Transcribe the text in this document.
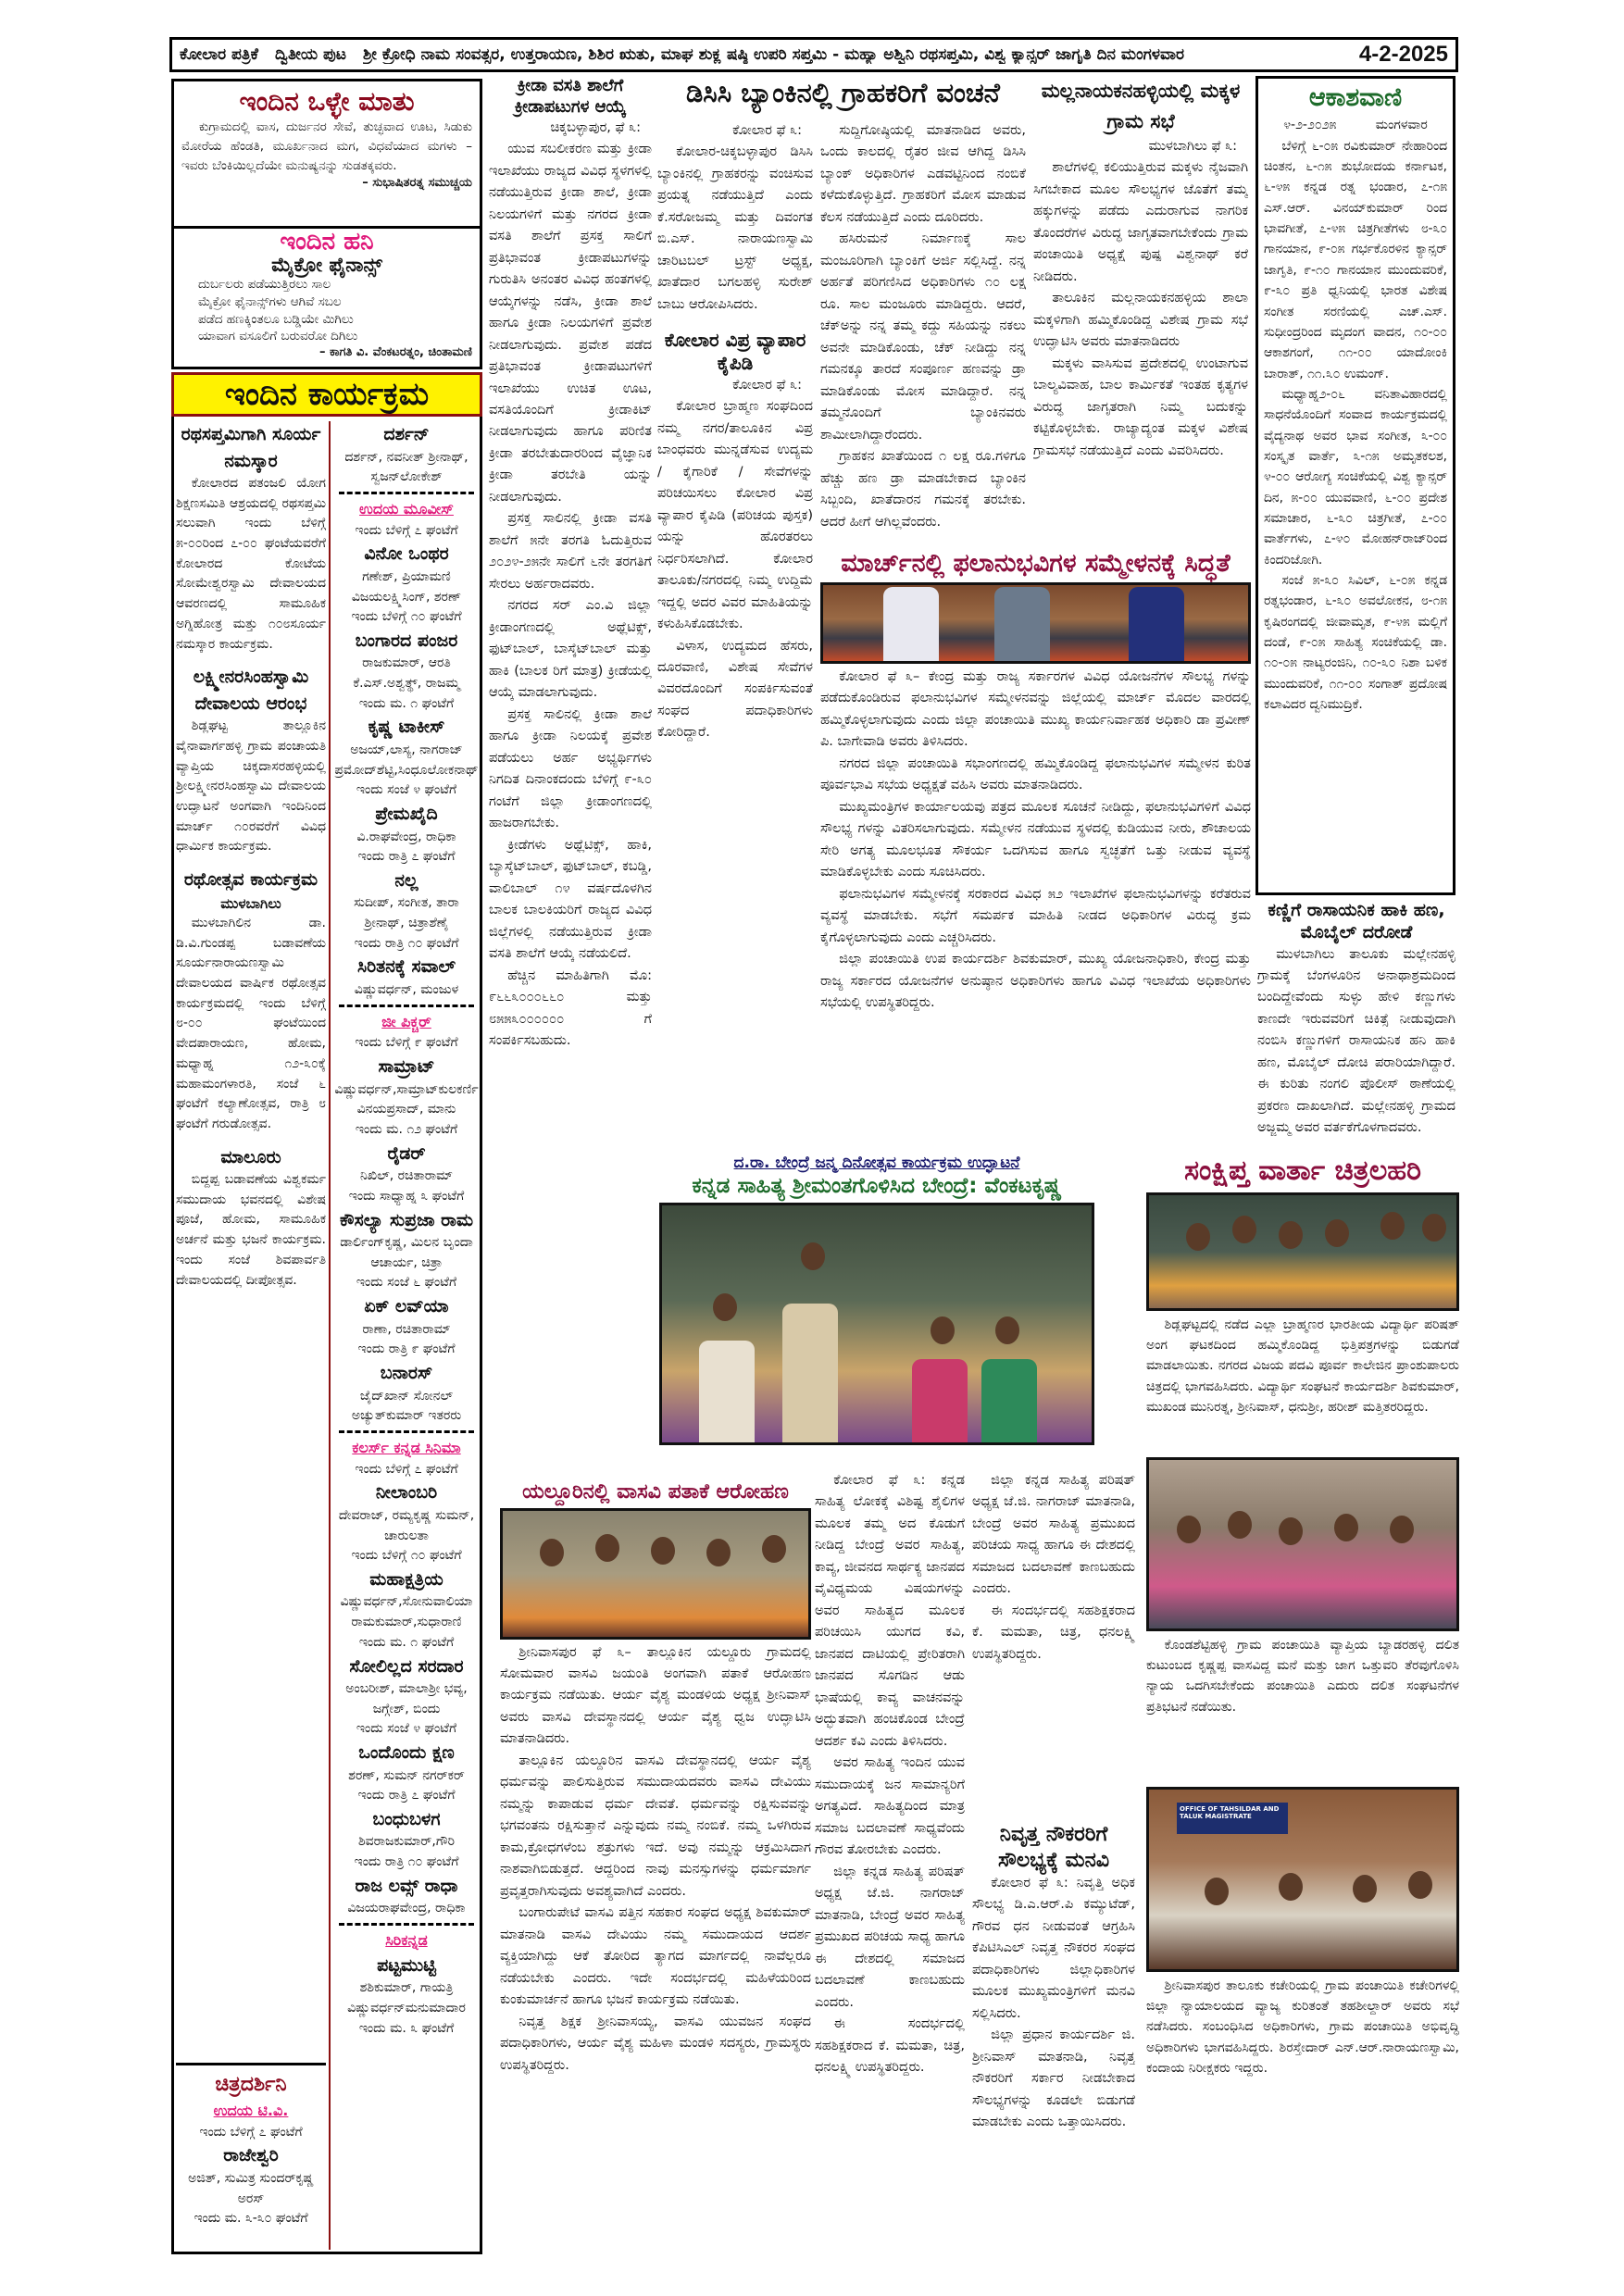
ಕೋಲಾರ ಪತ್ರಿಕೆ ದ್ವಿತೀಯ ಪುಟ ಶ್ರೀ ಕ್ರೋಧಿ ನಾಮ ಸಂವತ್ಸರ, ಉತ್ತರಾಯಣ, ಶಿಶಿರ ಋತು, ಮಾಘ ಶುಕ್ಲ ಷಷ್ಠಿ ಉಪರಿ ಸಪ್ತಮಿ - ಮಹ್ಯಾ ಅಶ್ವಿನಿ ರಥಸಪ್ತಮಿ, ವಿಶ್ವ ಕ್ಯಾನ್ಸರ್ ಜಾಗೃತಿ ದಿನ ಮಂಗಳವಾರ	4-2-2025
ಇಂದಿನ ಒಳ್ಳೇ ಮಾತು
ಕುಗ್ರಾಮದಲ್ಲಿ ವಾಸ, ದುರ್ಜನರ ಸೇವೆ, ತುಚ್ಛವಾದ ಊಟ, ಸಿಡುಕು ಮೋರೆಯ ಹೆಂಡತಿ, ಮೂರ್ಖನಾದ ಮಗ, ವಿಧವೆಯಾದ ಮಗಳು – ಇವರು ಬೆಂಕಿಯಿಲ್ಲದೆಯೇ ಮನುಷ್ಯನನ್ನು ಸುಡತಕ್ಕವರು.
– ಸುಭಾಷಿತರತ್ನ ಸಮುಚ್ಚಯ
ಇಂದಿನ ಹನಿ
ಮೈಕ್ರೋ ಫೈನಾನ್ಸ್
ದುರ್ಬಲರು ಪಡೆಯುತ್ತಿರಲು ಸಾಲ
ಮೈಕ್ರೋ ಫೈನಾನ್ಸ್‌ಗಳು ಆಗಿವೆ ಸಬಲ
ಪಡೆದ ಹಣಕ್ಕಿಂತಲೂ ಬಡ್ಡಿಯೇ ಮಿಗಿಲು
ಯಾವಾಗ ವಸೂಲಿಗೆ ಬರುವರೋ ದಿಗಿಲು
– ಕಾಗತಿ ವಿ. ವೆಂಕಟರತ್ನಂ, ಚಿಂತಾಮಣಿ
ಇಂದಿನ ಕಾರ್ಯಕ್ರಮ
ರಥಸಪ್ತಮಿಗಾಗಿ ಸೂರ್ಯ ನಮಸ್ಕಾರ
ಕೋಲಾರದ ಪತಂಜಲಿ ಯೋಗ ಶಿಕ್ಷಣಸಮಿತಿ ಆಶ್ರಯದಲ್ಲಿ ರಥಸಪ್ತಮಿ ಸಲುವಾಗಿ ಇಂದು ಬೆಳಿಗ್ಗೆ ೫-೦೦ರಿಂದ ೭-೦೦ ಘಂಟೆಯವರೆಗೆ ಕೋಲಾರದ ಕೋಟೆಯ ಸೋಮೇಶ್ವರಸ್ವಾಮಿ ದೇವಾಲಯದ ಆವರಣದಲ್ಲಿ ಸಾಮೂಹಿಕ ಅಗ್ನಿಹೋತ್ರ ಮತ್ತು ೧೦೮ಸೂರ್ಯ ನಮಸ್ಕಾರ ಕಾರ್ಯಕ್ರಮ.
ಲಕ್ಷ್ಮೀನರಸಿಂಹಸ್ವಾಮಿ ದೇವಾಲಯ ಆರಂಭ
ಶಿಡ್ಲಘಟ್ಟ ತಾಲ್ಲೂಕಿನ ವೈನಾವಾರ್ಗಹಳ್ಳಿ ಗ್ರಾಮ ಪಂಚಾಯತಿ ವ್ಯಾಪ್ತಿಯ ಚಿಕ್ಕದಾಸರಹಳ್ಳಿಯಲ್ಲಿ ಶ್ರೀಲಕ್ಷ್ಮೀನರಸಿಂಹಸ್ವಾಮಿ ದೇವಾಲಯ ಉದ್ಘಾಟನೆ ಅಂಗವಾಗಿ ಇಂದಿನಿಂದ ಮಾರ್ಚ್ ೧೦ರವರೆಗೆ ವಿವಿಧ ಧಾರ್ಮಿಕ ಕಾರ್ಯಕ್ರಮ.
ರಥೋತ್ಸವ ಕಾರ್ಯಕ್ರಮ
ಮುಳಬಾಗಿಲು
ಮುಳಬಾಗಿಲಿನ ಡಾ. ಡಿ.ವಿ.ಗುಂಡಪ್ಪ ಬಡಾವಣೆಯ ಸೂರ್ಯನಾರಾಯಣಸ್ವಾಮಿ ದೇವಾಲಯದ ವಾರ್ಷಿಕ ರಥೋತ್ಸವ ಕಾರ್ಯಕ್ರಮದಲ್ಲಿ ಇಂದು ಬೆಳಿಗ್ಗೆ ೮-೦೦ ಘಂಟೆಯಿಂದ ವೇದಪಾರಾಯಣ, ಹೋಮ, ಮಧ್ಯಾಹ್ನ ೧೨-೩೦ಕ್ಕೆ ಮಹಾಮಂಗಳಾರತಿ, ಸಂಜೆ ೬ ಘಂಟೆಗೆ ಕಲ್ಯಾಣೋತ್ಸವ, ರಾತ್ರಿ ೮ ಘಂಟೆಗೆ ಗರುಡೋತ್ಸವ.
ಮಾಲೂರು
ಬಿದ್ದಪ್ಪ ಬಡಾವಣೆಯ ವಿಶ್ವಕರ್ಮ ಸಮುದಾಯ ಭವನದಲ್ಲಿ ವಿಶೇಷ ಪೂಜೆ, ಹೋಮ, ಸಾಮೂಹಿಕ ಅರ್ಚನೆ ಮತ್ತು ಭಜನೆ ಕಾರ್ಯಕ್ರಮ. ಇಂದು ಸಂಜೆ ಶಿವಪಾರ್ವತಿ ದೇವಾಲಯದಲ್ಲಿ ದೀಪೋತ್ಸವ.
ದರ್ಶನ್
ದರ್ಶನ್, ನವನೀತ್ ಶ್ರೀನಾಥ್, ಸ್ವಜನ್‌ಲೋಕೇಶ್
ಉದಯ ಮೂವೀಸ್
ಇಂದು ಬೆಳಿಗ್ಗೆ ೭ ಘಂಟೆಗೆ
ವಿನೋ ಒಂಥರ
ಗಣೇಶ್, ಪ್ರಿಯಾಮಣಿ ವಿಜಯಲಕ್ಷ್ಮಿಸಿಂಗ್, ಶರಣ್
ಇಂದು ಬೆಳಿಗ್ಗೆ ೧೦ ಘಂಟೆಗೆ
ಬಂಗಾರದ ಪಂಜರ
ರಾಜಕುಮಾರ್, ಆರತಿ ಕೆ.ಎಸ್.ಅಶ್ವತ್ಥ್, ರಾಜಮ್ಮ
ಇಂದು ಮ. ೧ ಘಂಟೆಗೆ
ಕೃಷ್ಣ ಟಾಕೀಸ್
ಅಜಯ್,ಲಾಸ್ಯ, ನಾಗರಾಜ್ ಪ್ರಮೋದ್‌ಶೆಟ್ಟಿ,ಸಿಂಧೂಲೋಕನಾಥ್
ಇಂದು ಸಂಜೆ ೪ ಘಂಟೆಗೆ
ಪ್ರೇಮಖೈದಿ
ವಿ.ರಾಘವೇಂದ್ರ, ರಾಧಿಕಾ
ಇಂದು ರಾತ್ರಿ ೭ ಘಂಟೆಗೆ
ನಲ್ಲ
ಸುದೀಪ್, ಸಂಗೀತ, ತಾರಾ ಶ್ರೀನಾಥ್, ಚಿತ್ರಾಶೆಣೈ
ಇಂದು ರಾತ್ರಿ ೧೦ ಘಂಟೆಗೆ
ಸಿರಿತನಕ್ಕೆ ಸವಾಲ್
ವಿಷ್ಣುವರ್ಧನ್, ಮಂಜುಳ
ಜೀ ಪಿಕ್ಚರ್
ಇಂದು ಬೆಳಿಗ್ಗೆ ೯ ಘಂಟೆಗೆ
ಸಾಮ್ರಾಟ್
ವಿಷ್ಣುವರ್ಧನ್,ಸಾಮ್ರಾಟ್‌ಕುಲಕರ್ಣಿ ವಿನಯಪ್ರಸಾದ್, ಮಾನು
ಇಂದು ಮ. ೧೨ ಘಂಟೆಗೆ
ರೈಡರ್
ನಿಖಿಲ್, ರಚಿತಾರಾಮ್
ಇಂದು ಸಾಧ್ಯಾಹ್ನ ೩ ಘಂಟೆಗೆ
ಕೌಸಲ್ಯಾ ಸುಪ್ರಜಾ ರಾಮ
ಡಾರ್ಲಿಂಗ್‌ಕೃಷ್ಣ, ಮಿಲನ ಬೃಂದಾ ಆಚಾರ್ಯ, ಚಿತ್ರಾ
ಇಂದು ಸಂಜೆ ೬ ಘಂಟೆಗೆ
ಏಕ್ ಲವ್‌ಯಾ
ರಾಣಾ, ರಚಿತಾರಾಮ್
ಇಂದು ರಾತ್ರಿ ೯ ಘಂಟೆಗೆ
ಬನಾರಸ್
ಜೈದ್‌ಖಾನ್ ಸೋನಲ್ ಅಚ್ಯುತ್‌ಕುಮಾರ್ ಇತರರು
ಕಲರ್ಸ್ ಕನ್ನಡ ಸಿನಿಮಾ
ಇಂದು ಬೆಳಿಗ್ಗೆ ೭ ಘಂಟೆಗೆ
ನೀಲಾಂಬರಿ
ದೇವರಾಜ್, ರಮ್ಯಕೃಷ್ಣ ಸುಮನ್, ಚಾರುಲತಾ
ಇಂದು ಬೆಳಿಗ್ಗೆ ೧೦ ಘಂಟೆಗೆ
ಮಹಾಕ್ಷತ್ರಿಯ
ವಿಷ್ಣುವರ್ಧನ್,ಸೋನುವಾಲಿಯಾ ರಾಮಕುಮಾರ್,ಸುಧಾರಾಣಿ
ಇಂದು ಮ. ೧ ಘಂಟೆಗೆ
ಸೋಲಿಲ್ಲದ ಸರದಾರ
ಅಂಬರೀಶ್, ಮಾಲಾಶ್ರೀ ಭವ್ಯ, ಜಗ್ಗೇಶ್, ಬಿಂದು
ಇಂದು ಸಂಜೆ ೪ ಘಂಟೆಗೆ
ಒಂದೊಂದು ಕ್ಷಣ
ಶರಣ್, ಸುಮನ್ ನಗರ್‌ಕರ್
ಇಂದು ರಾತ್ರಿ ೭ ಘಂಟೆಗೆ
ಬಂಧುಬಳಗ
ಶಿವರಾಜಕುಮಾರ್,ಗೌರಿ
ಇಂದು ರಾತ್ರಿ ೧೦ ಘಂಟೆಗೆ
ರಾಜ ಲವ್ಸ್ ರಾಧಾ
ವಿಜಯರಾಘವೇಂದ್ರ, ರಾಧಿಕಾ
ಸಿರಿಕನ್ನಡ
ಪಟ್ಟಮುಟ್ಟಿ
ಶಶಿಕುಮಾರ್, ಗಾಯತ್ರಿ ವಿಷ್ಣುವರ್ಧನ್‌ಮನುಮಾದಾರ
ಇಂದು ಮ. ೩ ಘಂಟೆಗೆ
ಚಿತ್ರದರ್ಶಿನಿ
ಉದಯ ಟಿ.ವಿ.
ಇಂದು ಬೆಳಿಗ್ಗೆ ೭ ಘಂಟೆಗೆ
ರಾಜೇಶ್ವರಿ
ಅಜಿತ್, ಸುಮಿತ್ರ ಸುಂದರ್‌ಕೃಷ್ಣ ಅರಸ್
ಇಂದು ಮ. ೩-೩೦ ಘಂಟೆಗೆ
ಕ್ರೀಡಾ ವಸತಿ ಶಾಲೆಗೆ ಕ್ರೀಡಾಪಟುಗಳ ಆಯ್ಕೆ
ಚಿಕ್ಕಬಳ್ಳಾಪುರ, ಫೆ ೩:

ಯುವ ಸಬಲೀಕರಣ ಮತ್ತು ಕ್ರೀಡಾ ಇಲಾಖೆಯು ರಾಜ್ಯದ ವಿವಿಧ ಸ್ಥಳಗಳಲ್ಲಿ ನಡೆಯುತ್ತಿರುವ ಕ್ರೀಡಾ ಶಾಲೆ, ಕ್ರೀಡಾ ನಿಲಯಗಳಿಗೆ ಮತ್ತು ನಗರದ ಕ್ರೀಡಾ ವಸತಿ ಶಾಲೆಗೆ ಪ್ರಸಕ್ತ ಸಾಲಿಗೆ ಪ್ರತಿಭಾವಂತ ಕ್ರೀಡಾಪಟುಗಳನ್ನು ಗುರುತಿಸಿ ಅನಂತರ ವಿವಿಧ ಹಂತಗಳಲ್ಲಿ ಆಯ್ಕೆಗಳನ್ನು ನಡೆಸಿ, ಕ್ರೀಡಾ ಶಾಲೆ ಹಾಗೂ ಕ್ರೀಡಾ ನಿಲಯಗಳಿಗೆ ಪ್ರವೇಶ ನೀಡಲಾಗುವುದು. ಪ್ರವೇಶ ಪಡೆದ ಪ್ರತಿಭಾವಂತ ಕ್ರೀಡಾಪಟುಗಳಿಗೆ ಇಲಾಖೆಯು ಉಚಿತ ಊಟ, ವಸತಿಯೊಂದಿಗೆ ಕ್ರೀಡಾಕಿಟ್ ನೀಡಲಾಗುವುದು ಹಾಗೂ ಪರಿಣಿತ ಕ್ರೀಡಾ ತರಬೇತುದಾರರಿಂದ ವೈಜ್ಞಾನಿಕ ಕ್ರೀಡಾ ತರಬೇತಿ ಯನ್ನು ನೀಡಲಾಗುವುದು.

ಪ್ರಸಕ್ತ ಸಾಲಿನಲ್ಲಿ ಕ್ರೀಡಾ ವಸತಿ ಶಾಲೆಗೆ ೫ನೇ ತರಗತಿ ಓದುತ್ತಿರುವ ೨೦೨೪-೨೫ನೇ ಸಾಲಿಗೆ ೬ನೇ ತರಗತಿಗೆ ಸೇರಲು ಅರ್ಹರಾದವರು.

ನಗರದ ಸರ್ ಎಂ.ವಿ ಜಿಲ್ಲಾ ಕ್ರೀಡಾಂಗಣದಲ್ಲಿ ಅಥ್ಲೆಟಿಕ್ಸ್, ಫುಟ್‌ಬಾಲ್, ಬಾಸ್ಕೆಟ್‌ಬಾಲ್ ಮತ್ತು ಹಾಕಿ (ಬಾಲಕ ರಿಗೆ ಮಾತ್ರ) ಕ್ರೀಡೆಯಲ್ಲಿ ಆಯ್ಕೆ ಮಾಡಲಾಗುವುದು.

ಪ್ರಸಕ್ತ ಸಾಲಿನಲ್ಲಿ ಕ್ರೀಡಾ ಶಾಲೆ ಹಾಗೂ ಕ್ರೀಡಾ ನಿಲಯಕ್ಕೆ ಪ್ರವೇಶ ಪಡೆಯಲು ಅರ್ಹ ಅಭ್ಯರ್ಥಿಗಳು ನಿಗದಿತ ದಿನಾಂಕದಂದು ಬೆಳಿಗ್ಗೆ ೯-೩೦ ಗಂಟೆಗೆ ಜಿಲ್ಲಾ ಕ್ರೀಡಾಂಗಣದಲ್ಲಿ ಹಾಜರಾಗಬೇಕು.

ಕ್ರೀಡೆಗಳು ಅಥ್ಲೆಟಿಕ್ಸ್, ಹಾಕಿ, ಬ್ಯಾಸ್ಕೆಟ್‌ಬಾಲ್, ಫುಟ್‌ಬಾಲ್, ಕಬಡ್ಡಿ, ವಾಲಿಬಾಲ್ ೧೪ ವರ್ಷದೊಳಗಿನ ಬಾಲಕ ಬಾಲಕಿಯರಿಗೆ ರಾಜ್ಯದ ವಿವಿಧ ಜಿಲ್ಲೆಗಳಲ್ಲಿ ನಡೆಯುತ್ತಿರುವ ಕ್ರೀಡಾ ವಸತಿ ಶಾಲೆಗೆ ಆಯ್ಕೆ ನಡೆಯಲಿದೆ.

ಹೆಚ್ಚಿನ ಮಾಹಿತಿಗಾಗಿ ಮೊ: ೯೬೬೩೦೦೦೬೬೦ ಮತ್ತು ೮೫೫೩೦೦೦೦೦೦ ಗೆ ಸಂಪರ್ಕಿಸಬಹುದು.

ಡಿಸಿಸಿ ಬ್ಯಾಂಕಿನಲ್ಲಿ ಗ್ರಾಹಕರಿಗೆ ವಂಚನೆ
ಕೋಲಾರ ಫೆ ೩:

ಕೋಲಾರ-ಚಿಕ್ಕಬಳ್ಳಾಪುರ ಡಿಸಿಸಿ ಬ್ಯಾಂಕಿನಲ್ಲಿ ಗ್ರಾಹಕರನ್ನು ವಂಚಿಸುವ ಪ್ರಯತ್ನ ನಡೆಯುತ್ತಿದೆ ಎಂದು ಕೆ.ಸರೋಜಮ್ಮ ಮತ್ತು ದಿವಂಗತ ಬಿ.ಎಸ್. ನಾರಾಯಣಸ್ವಾಮಿ ಚಾರಿಟಬಲ್ ಟ್ರಸ್ಟ್ ಅಧ್ಯಕ್ಷ, ಖಾತೆದಾರ ಬಗಲಹಳ್ಳಿ ಸುರೇಶ್ ಬಾಬು ಆರೋಪಿಸಿದರು.

ಸುದ್ದಿಗೋಷ್ಠಿಯಲ್ಲಿ ಮಾತನಾಡಿದ ಅವರು, ಒಂದು ಕಾಲದಲ್ಲಿ ರೈತರ ಜೀವ ಆಗಿದ್ದ ಡಿಸಿಸಿ ಬ್ಯಾಂಕ್ ಅಧಿಕಾರಿಗಳ ಎಡವಟ್ಟಿನಿಂದ ನಂಬಿಕೆ ಕಳೆದುಕೊಳ್ಳುತ್ತಿದೆ. ಗ್ರಾಹಕರಿಗೆ ಮೋಸ ಮಾಡುವ ಕೆಲಸ ನಡೆಯುತ್ತಿದೆ ಎಂದು ದೂರಿದರು.

ಹಸಿರುಮನೆ ನಿರ್ಮಾಣಕ್ಕೆ ಸಾಲ ಮಂಜೂರಿಗಾಗಿ ಬ್ಯಾಂಕಿಗೆ ಅರ್ಜಿ ಸಲ್ಲಿಸಿದ್ದೆ. ನನ್ನ ಅರ್ಹತೆ ಪರಿಗಣಿಸಿದ ಅಧಿಕಾರಿಗಳು ೧೦ ಲಕ್ಷ ರೂ. ಸಾಲ ಮಂಜೂರು ಮಾಡಿದ್ದರು. ಆದರೆ, ಚೆಕ್‌ಅನ್ನು ನನ್ನ ತಮ್ಮ ಕದ್ದು ಸಹಿಯನ್ನು ನಕಲು ಅವನೇ ಮಾಡಿಕೊಂಡು, ಚೆಕ್ ನೀಡಿದ್ದು ನನ್ನ ಗಮನಕ್ಕೂ ತಾರದೆ ಸಂಪೂರ್ಣ ಹಣವನ್ನು ಡ್ರಾ ಮಾಡಿಕೊಂಡು ಮೋಸ ಮಾಡಿದ್ದಾರೆ. ನನ್ನ ತಮ್ಮನೊಂದಿಗೆ ಬ್ಯಾಂಕಿನವರು ಶಾಮೀಲಾಗಿದ್ದಾರೆಂದರು.

ಗ್ರಾಹಕನ ಖಾತೆಯಿಂದ ೧ ಲಕ್ಷ ರೂ.ಗಳಿಗೂ ಹೆಚ್ಚು ಹಣ ಡ್ರಾ ಮಾಡಬೇಕಾದ ಬ್ಯಾಂಕಿನ ಸಿಬ್ಬಂದಿ, ಖಾತೆದಾರನ ಗಮನಕ್ಕೆ ತರಬೇಕು. ಆದರೆ ಹೀಗೆ ಆಗಿಲ್ಲವೆಂದರು.

ಕೋಲಾರ ವಿಪ್ರ ವ್ಯಾಪಾರ ಕೈಪಿಡಿ
ಕೋಲಾರ ಫೆ ೩:

ಕೋಲಾರ ಬ್ರಾಹ್ಮಣ ಸಂಘದಿಂದ ನಮ್ಮ ನಗರ/ತಾಲೂಕಿನ ವಿಪ್ರ ಬಾಂಧವರು ಮುನ್ನಡೆಸುವ ಉದ್ಯಮ / ಕೈಗಾರಿಕೆ / ಸೇವೆಗಳನ್ನು ಪರಿಚಯಿಸಲು ಕೋಲಾರ ವಿಪ್ರ ವ್ಯಾಪಾರ ಕೈಪಿಡಿ (ಪರಿಚಯ ಪುಸ್ತಕ) ಯನ್ನು ಹೊರತರಲು ನಿರ್ಧರಿಸಲಾಗಿದೆ. ಕೋಲಾರ ತಾಲೂಕು/ನಗರದಲ್ಲಿ ನಿಮ್ಮ ಉದ್ದಿಮೆ ಇದ್ದಲ್ಲಿ ಅದರ ವಿವರ ಮಾಹಿತಿಯನ್ನು ಕಳುಹಿಸಿಕೊಡಬೇಕು.

ವಿಳಾಸ, ಉದ್ಯಮದ ಹೆಸರು, ದೂರವಾಣಿ, ವಿಶೇಷ ಸೇವೆಗಳ ವಿವರದೊಂದಿಗೆ ಸಂಪರ್ಕಿಸುವಂತೆ ಸಂಘದ ಪದಾಧಿಕಾರಿಗಳು ಕೋರಿದ್ದಾರೆ.

ಮಲ್ಲನಾಯಕನಹಳ್ಳಿಯಲ್ಲಿ ಮಕ್ಕಳ ಗ್ರಾಮ ಸಭೆ
ಮುಳಬಾಗಿಲು ಫೆ ೩:

ಶಾಲೆಗಳಲ್ಲಿ ಕಲಿಯುತ್ತಿರುವ ಮಕ್ಕಳು ನೈಜವಾಗಿ ಸಿಗಬೇಕಾದ ಮೂಲ ಸೌಲಭ್ಯಗಳ ಜೊತೆಗೆ ತಮ್ಮ ಹಕ್ಕುಗಳನ್ನು ಪಡೆದು ಎದುರಾಗುವ ನಾಗರಿಕ ತೊಂದರೆಗಳ ವಿರುದ್ಧ ಜಾಗೃತವಾಗಬೇಕೆಂದು ಗ್ರಾಮ ಪಂಚಾಯಿತಿ ಅಧ್ಯಕ್ಷೆ ಪುಷ್ಪ ವಿಶ್ವನಾಥ್ ಕರೆ ನೀಡಿದರು.

ತಾಲೂಕಿನ ಮಲ್ಲನಾಯಕನಹಳ್ಳಿಯ ಶಾಲಾ ಮಕ್ಕಳಿಗಾಗಿ ಹಮ್ಮಿಕೊಂಡಿದ್ದ ವಿಶೇಷ ಗ್ರಾಮ ಸಭೆ ಉದ್ಘಾಟಿಸಿ ಅವರು ಮಾತನಾಡಿದರು

ಮಕ್ಕಳು ವಾಸಿಸುವ ಪ್ರದೇಶದಲ್ಲಿ ಉಂಟಾಗುವ ಬಾಲ್ಯವಿವಾಹ, ಬಾಲ ಕಾರ್ಮಿಕತೆ ಇಂತಹ ಕೃತ್ಯಗಳ ವಿರುದ್ಧ ಜಾಗೃತರಾಗಿ ನಿಮ್ಮ ಬದುಕನ್ನು ಕಟ್ಟಿಕೊಳ್ಳಬೇಕು. ರಾಜ್ಯಾದ್ಯಂತ ಮಕ್ಕಳ ವಿಶೇಷ ಗ್ರಾಮಸಭೆ ನಡೆಯುತ್ತಿದೆ ಎಂದು ವಿವರಿಸಿದರು.

ಆಕಾಶವಾಣಿ
೪-೨-೨೦೨೫	ಮಂಗಳವಾರ

ಬೆಳಿಗ್ಗೆ ೬-೦೫ ರವಿಕುಮಾರ್ ನೇಹಾರಿಂದ ಚಿಂತನ, ೬-೧೫ ಶುಭೋದಯ ಕರ್ನಾಟಕ, ೬-೪೫ ಕನ್ನಡ ರತ್ನ ಭಂಡಾರ, ೭-೧೫ ಎಸ್.ಆರ್. ವಿನಯ್‌ಕುಮಾರ್ ರಿಂದ ಭಾವಗೀತೆ, ೭-೪೫ ಚಿತ್ರಗೀತೆಗಳು ೮-೩೦ ಗಾನಯಾನ, ೯-೦೫ ಗರ್ಭಕೊರಳಿನ ಕ್ಯಾನ್ಸರ್ ಜಾಗೃತಿ, ೯-೧೦ ಗಾನಯಾನ ಮುಂದುವರಿಕೆ, ೯-೩೦ ಪ್ರತಿ ಧ್ವನಿಯಲ್ಲಿ ಭಾರತ ವಿಶೇಷ ಸಂಗೀತ ಸರಣಿಯಲ್ಲಿ ಎಚ್.ಎಸ್. ಸುಧೀಂದ್ರರಿಂದ ಮೃದಂಗ ವಾದನ, ೧೦-೦೦ ಆಕಾಶಗಂಗೆ, ೧೧-೦೦ ಯಾದೋಂಕಿ ಬಾರಾತ್, ೧೧.೩೦ ಉಮಂಗ್.

ಮಧ್ಯಾಹ್ನ೨-೦೬ ವನಿತಾವಿಹಾರದಲ್ಲಿ ಸಾಧನೆಯೊಂದಿಗೆ ಸಂವಾದ ಕಾರ್ಯಕ್ರಮದಲ್ಲಿ ವೈದ್ಯನಾಥ ಅವರ ಭಾವ ಸಂಗೀತ, ೩-೦೦ ಸಂಸ್ಕೃತ ವಾರ್ತೆ, ೩-೧೫ ಅಮೃತಕಲಶ, ೪-೦೦ ಆರೋಗ್ಯ ಸಂಚಿಕೆಯಲ್ಲಿ ವಿಶ್ವ ಕ್ಯಾನ್ಸರ್ ದಿನ, ೫-೦೦ ಯುವವಾಣಿ, ೬-೦೦ ಪ್ರದೇಶ ಸಮಾಚಾರ, ೬-೩೦ ಚಿತ್ರಗೀತೆ, ೭-೦೦ ವಾರ್ತೆಗಳು, ೭-೪೦ ಮೋಹನ್‌ರಾಜ್‌ರಿಂದ ಕಿಂದರಿಜೋಗಿ.

ಸಂಜೆ ೫-೩೦ ಸಿವಿಲ್, ೬-೦೫ ಕನ್ನಡ ರತ್ನಭಂಡಾರ, ೬-೩೦ ಅವಲೋಕನ, ೮-೧೫ ಕೃಷಿರಂಗದಲ್ಲಿ ಜೀವಾಮೃತ, ೯-೪೫ ಮಲ್ಲಿಗೆ ದಂಡೆ, ೯-೦೫ ಸಾಹಿತ್ಯ ಸಂಚಿಕೆಯಲ್ಲಿ ಡಾ. ೧೦-೦೫ ನಾಟ್ಯರಂಜಿನಿ, ೧೦-೩೦ ನಿಶಾ ಬಳಿಕ ಮುಂದುವರಿಕೆ, ೧೧-೦೦ ಸಂಗಾತ್ ಪ್ರದೋಷ ಕಲಾವಿದರ ದ್ವನಿಮುದ್ರಿಕೆ.

ಕಣ್ಣಿಗೆ ರಾಸಾಯನಿಕ ಹಾಕಿ ಹಣ, ಮೊಬೈಲ್ ದರೋಡೆ

ಮುಳಬಾಗಿಲು ತಾಲೂಕು ಮಲ್ಲೇನಹಳ್ಳಿ ಗ್ರಾಮಕ್ಕೆ ಬೆಂಗಳೂರಿನ ಅನಾಥಾಶ್ರಮದಿಂದ ಬಂದಿದ್ದೇವೆಂದು ಸುಳ್ಳು ಹೇಳಿ ಕಣ್ಣುಗಳು ಕಾಣದೇ ಇರುವವರಿಗೆ ಚಿಕಿತ್ಸೆ ನೀಡುವುದಾಗಿ ನಂಬಿಸಿ ಕಣ್ಣುಗಳಿಗೆ ರಾಸಾಯನಿಕ ಹನಿ ಹಾಕಿ ಹಣ, ಮೊಬೈಲ್ ದೋಚಿ ಪರಾರಿಯಾಗಿದ್ದಾರೆ. ಈ ಕುರಿತು ನಂಗಲಿ ಪೊಲೀಸ್ ಠಾಣೆಯಲ್ಲಿ ಪ್ರಕರಣ ದಾಖಲಾಗಿದೆ. ಮಲ್ಲೇನಹಳ್ಳಿ ಗ್ರಾಮದ ಅಜ್ಜಮ್ಮ ಅವರ ವರ್ತಕೆಗೊಳಗಾದವರು.

ಮಾರ್ಚ್‌ನಲ್ಲಿ ಫಲಾನುಭವಿಗಳ ಸಮ್ಮೇಳನಕ್ಕೆ ಸಿದ್ಧತೆ

ಕೋಲಾರ ಫೆ ೩– ಕೇಂದ್ರ ಮತ್ತು ರಾಜ್ಯ ಸರ್ಕಾರಗಳ ವಿವಿಧ ಯೋಜನೆಗಳ ಸೌಲಭ್ಯ ಗಳನ್ನು ಪಡೆದುಕೊಂಡಿರುವ ಫಲಾನುಭವಿಗಳ ಸಮ್ಮೇಳನವನ್ನು ಜಿಲ್ಲೆಯಲ್ಲಿ ಮಾರ್ಚ್ ಮೊದಲ ವಾರದಲ್ಲಿ ಹಮ್ಮಿಕೊಳ್ಳಲಾಗುವುದು ಎಂದು ಜಿಲ್ಲಾ ಪಂಚಾಯಿತಿ ಮುಖ್ಯ ಕಾರ್ಯನಿರ್ವಾಹಕ ಅಧಿಕಾರಿ ಡಾ ಪ್ರವೀಣ್ ಪಿ. ಬಾಗೇವಾಡಿ ಅವರು ತಿಳಿಸಿದರು.

ನಗರದ ಜಿಲ್ಲಾ ಪಂಚಾಯಿತಿ ಸಭಾಂಗಣದಲ್ಲಿ ಹಮ್ಮಿಕೊಂಡಿದ್ದ ಫಲಾನುಭವಿಗಳ ಸಮ್ಮೇಳನ ಕುರಿತ ಪೂರ್ವಭಾವಿ ಸಭೆಯ ಅಧ್ಯಕ್ಷತೆ ವಹಿಸಿ ಅವರು ಮಾತನಾಡಿದರು.

ಮುಖ್ಯಮಂತ್ರಿಗಳ ಕಾರ್ಯಾಲಯವು ಪತ್ರದ ಮೂಲಕ ಸೂಚನೆ ನೀಡಿದ್ದು, ಫಲಾನುಭವಿಗಳಿಗೆ ವಿವಿಧ ಸೌಲಭ್ಯ ಗಳನ್ನು ವಿತರಿಸಲಾಗುವುದು. ಸಮ್ಮೇಳನ ನಡೆಯುವ ಸ್ಥಳದಲ್ಲಿ ಕುಡಿಯುವ ನೀರು, ಶೌಚಾಲಯ ಸೇರಿ ಅಗತ್ಯ ಮೂಲಭೂತ ಸೌಕರ್ಯ ಒದಗಿಸುವ ಹಾಗೂ ಸ್ವಚ್ಛತೆಗೆ ಒತ್ತು ನೀಡುವ ವ್ಯವಸ್ಥೆ ಮಾಡಿಕೊಳ್ಳಬೇಕು ಎಂದು ಸೂಚಿಸಿದರು.

ಫಲಾನುಭವಿಗಳ ಸಮ್ಮೇಳನಕ್ಕೆ ಸರಕಾರದ ವಿವಿಧ ೫೨ ಇಲಾಖೆಗಳ ಫಲಾನುಭವಿಗಳನ್ನು ಕರೆತರುವ ವ್ಯವಸ್ಥೆ ಮಾಡಬೇಕು. ಸಭೆಗೆ ಸಮರ್ಪಕ ಮಾಹಿತಿ ನೀಡದ ಅಧಿಕಾರಿಗಳ ವಿರುದ್ಧ ಕ್ರಮ ಕೈಗೊಳ್ಳಲಾಗುವುದು ಎಂದು ಎಚ್ಚರಿಸಿದರು.

ಜಿಲ್ಲಾ ಪಂಚಾಯಿತಿ ಉಪ ಕಾರ್ಯದರ್ಶಿ ಶಿವಕುಮಾರ್, ಮುಖ್ಯ ಯೋಜನಾಧಿಕಾರಿ, ಕೇಂದ್ರ ಮತ್ತು ರಾಜ್ಯ ಸರ್ಕಾರದ ಯೋಜನೆಗಳ ಅನುಷ್ಠಾನ ಅಧಿಕಾರಿಗಳು ಹಾಗೂ ವಿವಿಧ ಇಲಾಖೆಯ ಅಧಿಕಾರಿಗಳು ಸಭೆಯಲ್ಲಿ ಉಪಸ್ಥಿತರಿದ್ದರು.

ದ.ರಾ. ಬೇಂದ್ರೆ ಜನ್ಮ ದಿನೋತ್ಸವ ಕಾರ್ಯಕ್ರಮ ಉದ್ಘಾಟನೆ
ಕನ್ನಡ ಸಾಹಿತ್ಯ ಶ್ರೀಮಂತಗೊಳಿಸಿದ ಬೇಂದ್ರೆ: ವೆಂಕಟಕೃಷ್ಣ

ಕೋಲಾರ ಫೆ ೩: ಕನ್ನಡ ಸಾಹಿತ್ಯ ಲೋಕಕ್ಕೆ ವಿಶಿಷ್ಟ ಶೈಲಿಗಳ ಮೂಲಕ ತಮ್ಮ ಅದ ಕೊಡುಗೆ ನೀಡಿದ್ದ ಬೇಂದ್ರೆ ಅವರ ಸಾಹಿತ್ಯ, ಕಾವ್ಯ, ಜೀವನದ ಸಾರ್ಥಕ್ಯ ಜಾನಪದ ವೈವಿಧ್ಯಮಯ ವಿಷಯಗಳನ್ನು ಅವರ ಸಾಹಿತ್ಯದ ಮೂಲಕ ಪರಿಚಯಿಸಿ ಯುಗದ ಕವಿ, ಜಾನಪದ ದಾಟಿಯಲ್ಲಿ ಪ್ರೇರಿತರಾಗಿ ಜಾನಪದ ಸೊಗಡಿನ ಆಡು ಭಾಷೆಯಲ್ಲಿ ಕಾವ್ಯ ವಾಚನವನ್ನು ಅದ್ಭುತವಾಗಿ ಹಂಚಿಕೊಂಡ ಬೇಂದ್ರೆ ಆದರ್ಶ ಕವಿ ಎಂದು ತಿಳಿಸಿದರು.

ಅವರ ಸಾಹಿತ್ಯ ಇಂದಿನ ಯುವ ಸಮುದಾಯಕ್ಕೆ ಜನ ಸಾಮಾನ್ಯರಿಗೆ ಅಗತ್ಯವಿದೆ. ಸಾಹಿತ್ಯದಿಂದ ಮಾತ್ರ ಸಮಾಜ ಬದಲಾವಣೆ ಸಾಧ್ಯವೆಂದು ಗೌರವ ತೋರಬೇಕು ಎಂದರು.

ಜಿಲ್ಲಾ ಕನ್ನಡ ಸಾಹಿತ್ಯ ಪರಿಷತ್ ಅಧ್ಯಕ್ಷ ಜೆ.ಜಿ. ನಾಗರಾಜ್ ಮಾತನಾಡಿ, ಬೇಂದ್ರೆ ಅವರ ಸಾಹಿತ್ಯ ಪ್ರಮುಖದ ಪರಿಚಯ ಸಾಧ್ಯ ಹಾಗೂ ಈ ದೇಶದಲ್ಲಿ ಸಮಾಜದ ಬದಲಾವಣೆ ಕಾಣಬಹುದು ಎಂದರು.

ಈ ಸಂದರ್ಭದಲ್ಲಿ ಸಹಶಿಕ್ಷಕರಾದ ಕೆ. ಮಮತಾ, ಚಿತ್ರ, ಧನಲಕ್ಷ್ಮಿ ಉಪಸ್ಥಿತರಿದ್ದರು.

ಜಿಲ್ಲಾ ಕನ್ನಡ ಸಾಹಿತ್ಯ ಪರಿಷತ್ ಅಧ್ಯಕ್ಷ ಜೆ.ಜಿ. ನಾಗರಾಜ್ ಮಾತನಾಡಿ, ಬೇಂದ್ರೆ ಅವರ ಸಾಹಿತ್ಯ ಪ್ರಮುಖದ ಪರಿಚಯ ಸಾಧ್ಯ ಹಾಗೂ ಈ ದೇಶದಲ್ಲಿ ಸಮಾಜದ ಬದಲಾವಣೆ ಕಾಣಬಹುದು ಎಂದರು.

ಈ ಸಂದರ್ಭದಲ್ಲಿ ಸಹಶಿಕ್ಷಕರಾದ ಕೆ. ಮಮತಾ, ಚಿತ್ರ, ಧನಲಕ್ಷ್ಮಿ ಉಪಸ್ಥಿತರಿದ್ದರು.

ನಿವೃತ್ತ ನೌಕರರಿಗೆ ಸೌಲಭ್ಯಕ್ಕೆ ಮನವಿ

ಕೋಲಾರ ಫೆ ೩: ನಿವೃತ್ತಿ ಅಧಿಕ ಸೌಲಭ್ಯ ಡಿ.ಎ.ಆರ್.ಪಿ ಕಮ್ಯುಟೆಡ್, ಗೌರವ ಧನ ನೀಡುವಂತೆ ಆಗ್ರಹಿಸಿ ಕೆಪಿಟಿಸಿಎಲ್ ನಿವೃತ್ತ ನೌಕರರ ಸಂಘದ ಪದಾಧಿಕಾರಿಗಳು ಜಿಲ್ಲಾಧಿಕಾರಿಗಳ ಮೂಲಕ ಮುಖ್ಯಮಂತ್ರಿಗಳಿಗೆ ಮನವಿ ಸಲ್ಲಿಸಿದರು.

ಜಿಲ್ಲಾ ಪ್ರಧಾನ ಕಾರ್ಯದರ್ಶಿ ಜಿ. ಶ್ರೀನಿವಾಸ್ ಮಾತನಾಡಿ, ನಿವೃತ್ತ ನೌಕರರಿಗೆ ಸರ್ಕಾರ ನೀಡಬೇಕಾದ ಸೌಲಭ್ಯಗಳನ್ನು ಕೂಡಲೇ ಬಿಡುಗಡೆ ಮಾಡಬೇಕು ಎಂದು ಒತ್ತಾಯಿಸಿದರು.

ಯಲ್ದೂರಿನಲ್ಲಿ ವಾಸವಿ ಪತಾಕೆ ಆರೋಹಣ

ಶ್ರೀನಿವಾಸಪುರ ಫೆ ೩– ತಾಲ್ಲೂಕಿನ ಯಲ್ದೂರು ಗ್ರಾಮದಲ್ಲಿ ಸೋಮವಾರ ವಾಸವಿ ಜಯಂತಿ ಅಂಗವಾಗಿ ಪತಾಕೆ ಆರೋಹಣ ಕಾರ್ಯಕ್ರಮ ನಡೆಯಿತು. ಆರ್ಯ ವೈಶ್ಯ ಮಂಡಳಿಯ ಅಧ್ಯಕ್ಷ ಶ್ರೀನಿವಾಸ್ ಅವರು ವಾಸವಿ ದೇವಸ್ಥಾನದಲ್ಲಿ ಆರ್ಯ ವೈಶ್ಯ ಧ್ವಜ ಉದ್ಘಾಟಿಸಿ ಮಾತನಾಡಿದರು.

ತಾಲ್ಲೂಕಿನ ಯಲ್ದೂರಿನ ವಾಸವಿ ದೇವಸ್ಥಾನದಲ್ಲಿ ಆರ್ಯ ವೈಶ್ಯ ಧರ್ಮವನ್ನು ಪಾಲಿಸುತ್ತಿರುವ ಸಮುದಾಯದವರು ವಾಸವಿ ದೇವಿಯು ನಮ್ಮನ್ನು ಕಾಪಾಡುವ ಧರ್ಮ ದೇವತೆ. ಧರ್ಮವನ್ನು ರಕ್ಷಿಸುವವನ್ನು ಭಗವಂತನು ರಕ್ಷಿಸುತ್ತಾನೆ ಎನ್ನುವುದು ನಮ್ಮ ನಂಬಿಕೆ. ನಮ್ಮ ಒಳಗಿರುವ ಕಾಮ,ಕ್ರೋಧಗಳೆಂಬ ಶತ್ರುಗಳು ಇದೆ. ಅವು ನಮ್ಮನ್ನು ಆಕ್ರಮಿಸಿದಾಗ ನಾಶವಾಗಿಬಿಡುತ್ತದೆ. ಆದ್ದರಿಂದ ನಾವು ಮನಸ್ಸುಗಳನ್ನು ಧರ್ಮಮಾರ್ಗ ಪ್ರವೃತ್ತರಾಗಿಸುವುದು ಅವಶ್ಯವಾಗಿದೆ ಎಂದರು.

ಬಂಗಾರುಪೇಟೆ ವಾಸವಿ ಪತ್ತಿನ ಸಹಕಾರ ಸಂಘದ ಅಧ್ಯಕ್ಷ ಶಿವಕುಮಾರ್ ಮಾತನಾಡಿ ವಾಸವಿ ದೇವಿಯು ನಮ್ಮ ಸಮುದಾಯದ ಆದರ್ಶ ವ್ಯಕ್ತಿಯಾಗಿದ್ದು ಆಕೆ ತೋರಿದ ತ್ಯಾಗದ ಮಾರ್ಗದಲ್ಲಿ ನಾವೆಲ್ಲರೂ ನಡೆಯಬೇಕು ಎಂದರು. ಇದೇ ಸಂದರ್ಭದಲ್ಲಿ ಮಹಿಳೆಯರಿಂದ ಕುಂಕುಮಾರ್ಚನೆ ಹಾಗೂ ಭಜನೆ ಕಾರ್ಯಕ್ರಮ ನಡೆಯಿತು.

ನಿವೃತ್ತ ಶಿಕ್ಷಕ ಶ್ರೀನಿವಾಸಯ್ಯ, ವಾಸವಿ ಯುವಜನ ಸಂಘದ ಪದಾಧಿಕಾರಿಗಳು, ಆರ್ಯ ವೈಶ್ಯ ಮಹಿಳಾ ಮಂಡಳಿ ಸದಸ್ಯರು, ಗ್ರಾಮಸ್ಥರು ಉಪಸ್ಥಿತರಿದ್ದರು.

ಸಂಕ್ಷಿಪ್ತ ವಾರ್ತಾ ಚಿತ್ರಲಹರಿ
ಶಿಡ್ಲಘಟ್ಟದಲ್ಲಿ ನಡೆದ ಎಲ್ಲಾ ಬ್ರಾಹ್ಮಣರ ಭಾರತೀಯ ವಿದ್ಯಾರ್ಥಿ ಪರಿಷತ್ ಅಂಗ ಘಟಕದಿಂದ ಹಮ್ಮಿಕೊಂಡಿದ್ದ ಭಿತ್ತಿಪತ್ರಗಳನ್ನು ಬಿಡುಗಡೆ ಮಾಡಲಾಯಿತು. ನಗರದ ವಿಜಯ ಪದವಿ ಪೂರ್ವ ಕಾಲೇಜಿನ ಪ್ರಾಂಶುಪಾಲರು ಚಿತ್ರದಲ್ಲಿ ಭಾಗವಹಿಸಿದರು. ವಿದ್ಯಾರ್ಥಿ ಸಂಘಟನೆ ಕಾರ್ಯದರ್ಶಿ ಶಿವಕುಮಾರ್, ಮುಖಂಡ ಮುನಿರತ್ನ, ಶ್ರೀನಿವಾಸ್, ಧನುಶ್ರೀ, ಹರೀಶ್ ಮತ್ತಿತರರಿದ್ದರು.
ಕೊಂಡಶೆಟ್ಟಿಹಳ್ಳಿ ಗ್ರಾಮ ಪಂಚಾಯಿತಿ ವ್ಯಾಪ್ತಿಯ ಬ್ಯಾಡರಹಳ್ಳಿ ದಲಿತ ಕುಟುಂಬದ ಕೃಷ್ಣಪ್ಪ ವಾಸವಿದ್ದ ಮನೆ ಮತ್ತು ಜಾಗ ಒತ್ತುವರಿ ತೆರವುಗೊಳಿಸಿ ನ್ಯಾಯ ಒದಗಿಸಬೇಕೆಂದು ಪಂಚಾಯಿತಿ ಎದುರು ದಲಿತ ಸಂಘಟನೆಗಳ ಪ್ರತಿಭಟನೆ ನಡೆಯಿತು.
OFFICE OF TAHSILDAR AND TALUK MAGISTRATE
ಶ್ರೀನಿವಾಸಪುರ ತಾಲೂಕು ಕಚೇರಿಯಲ್ಲಿ ಗ್ರಾಮ ಪಂಚಾಯಿತಿ ಕಚೇರಿಗಳಲ್ಲಿ ಜಿಲ್ಲಾ ನ್ಯಾಯಾಲಯದ ವ್ಯಾಜ್ಯ ಕುರಿತಂತೆ ತಹಶೀಲ್ದಾರ್ ಅವರು ಸಭೆ ನಡೆಸಿದರು. ಸಂಬಂಧಿಸಿದ ಅಧಿಕಾರಿಗಳು, ಗ್ರಾಮ ಪಂಚಾಯಿತಿ ಅಭಿವೃದ್ಧಿ ಅಧಿಕಾರಿಗಳು ಭಾಗವಹಿಸಿದ್ದರು. ಶಿರಸ್ತೇದಾರ್ ಎನ್.ಆರ್.ನಾರಾಯಣಸ್ವಾಮಿ, ಕಂದಾಯ ನಿರೀಕ್ಷಕರು ಇದ್ದರು.
